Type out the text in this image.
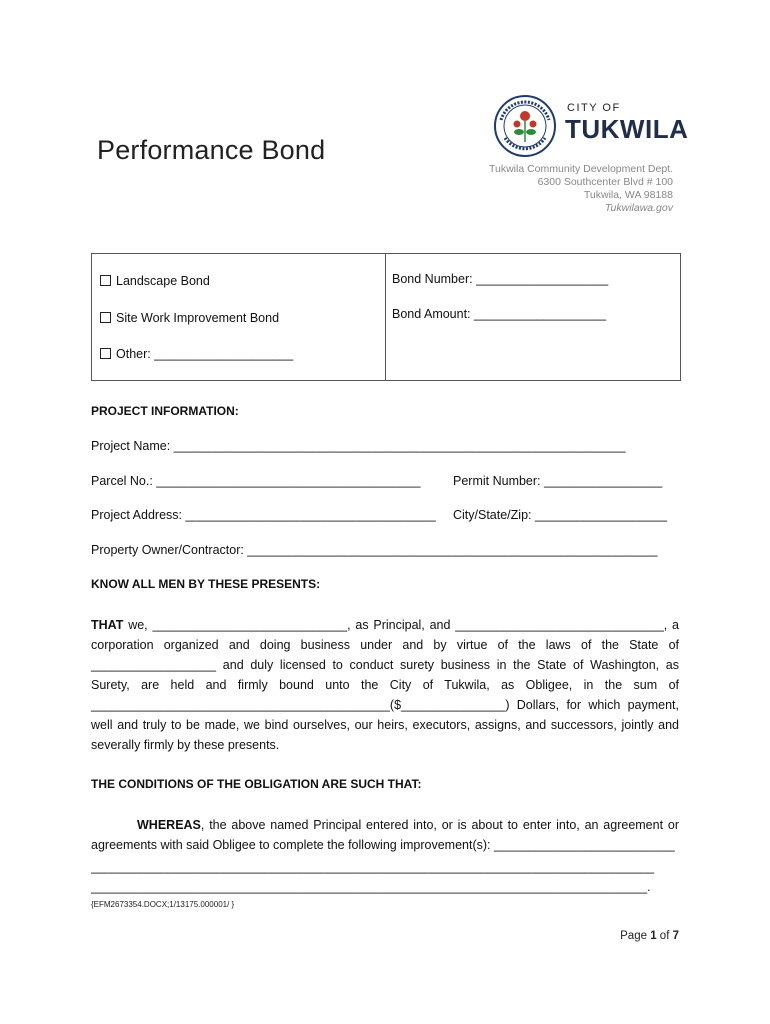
Performance Bond
CITY OF
TUKWILA
Tukwila Community Development Dept.
6300 Southcenter Blvd # 100
Tukwila, WA 98188
Tukwilawa.gov
Landscape Bond
Site Work Improvement Bond
Other: ____________________
Bond Number: ___________________
Bond Amount: ___________________
PROJECT INFORMATION:
Project Name: _________________________________________________________________
Parcel No.: ______________________________________	Permit Number: _________________
Project Address: ____________________________________ City/State/Zip: ___________________
Property Owner/Contractor: ___________________________________________________________
KNOW ALL MEN BY THESE PRESENTS:
THAT we, ____________________________, as Principal, and ______________________________, a corporation organized and doing business under and by virtue of the laws of the State of __________________ and duly licensed to conduct surety business in the State of Washington, as Surety, are held and firmly bound unto the City of Tukwila, as Obligee, in the sum of ___________________________________________($_______________) Dollars, for which payment, well and truly to be made, we bind ourselves, our heirs, executors, assigns, and successors, jointly and severally firmly by these presents.
THE CONDITIONS OF THE OBLIGATION ARE SUCH THAT:
WHEREAS, the above named Principal entered into, or is about to enter into, an agreement or agreements with said Obligee to complete the following improvement(s): __________________________
_________________________________________________________________________________
________________________________________________________________________________.
{EFM2673354.DOCX;1/13175.000001/ }
Page 1 of 7
